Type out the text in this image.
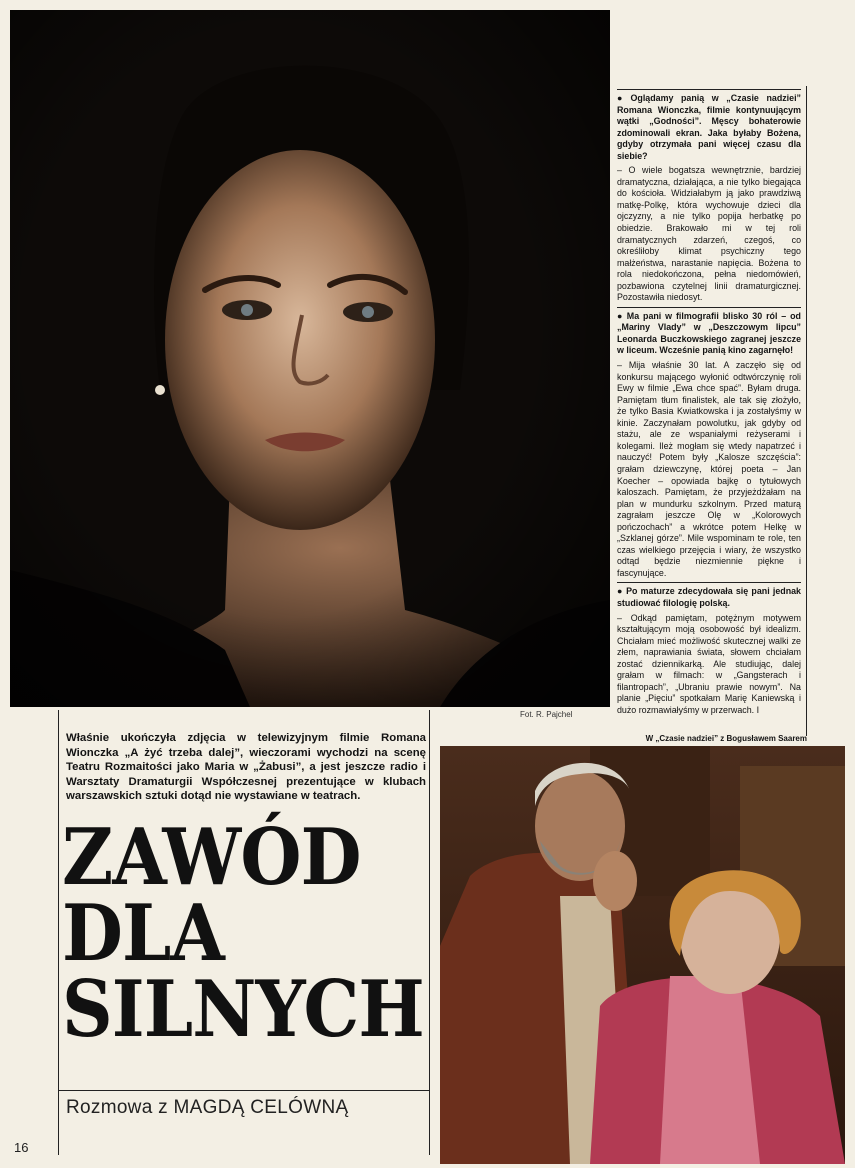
Fot. R. Pajchel

● Oglądamy panią w „Czasie nadziei” Romana Wionczka, filmie kontynuującym wątki „Godności”. Męscy bohaterowie zdominowali ekran. Jaka byłaby Bożena, gdyby otrzymała pani więcej czasu dla siebie?

– O wiele bogatsza wewnętrznie, bardziej dramatyczna, działająca, a nie tylko biegająca do kościoła. Widziałabym ją jako prawdziwą matkę-Polkę, która wychowuje dzieci dla ojczyzny, a nie tylko popija herbatkę po obiedzie. Brakowało mi w tej roli dramatycznych zdarzeń, czegoś, co określiłoby klimat psychiczny tego małżeństwa, narastanie napięcia. Bożena to rola niedokończona, pełna niedomówień, pozbawiona czytelnej linii dramaturgicznej. Pozostawiła niedosyt.

● Ma pani w filmografii blisko 30 ról – od „Mariny Vlady” w „Deszczowym lipcu” Leonarda Buczkowskiego zagranej jeszcze w liceum. Wcześnie panią kino zagarnęło!

– Mija właśnie 30 lat. A zaczęło się od konkursu mającego wyłonić odtwórczynię roli Ewy w filmie „Ewa chce spać”. Byłam druga. Pamiętam tłum finalistek, ale tak się złożyło, że tylko Basia Kwiatkowska i ja zostałyśmy w kinie. Zaczynałam powolutku, jak gdyby od stażu, ale ze wspaniałymi reżyserami i kolegami. Ileż mogłam się wtedy napatrzeć i nauczyć! Potem były „Kalosze szczęścia”: grałam dziewczynę, której poeta – Jan Koecher – opowiada bajkę o tytułowych kaloszach. Pamiętam, że przyjeżdżałam na plan w mundurku szkolnym. Przed maturą zagrałam jeszcze Olę w „Kolorowych pończochach” a wkrótce potem Helkę w „Szklanej górze”. Mile wspominam te role, ten czas wielkiego przejęcia i wiary, że wszystko odtąd będzie niezmiennie piękne i fascynujące.

● Po maturze zdecydowała się pani jednak studiować filologię polską.

– Odkąd pamiętam, potężnym motywem kształtującym moją osobowość był idealizm. Chciałam mieć możliwość skutecznej walki ze złem, naprawiania świata, słowem chciałam zostać dziennikarką. Ale studiując, dalej grałam w filmach: w „Gangsterach i filantropach”, „Ubraniu prawie nowym”. Na planie „Pięciu” spotkałam Marię Kaniewską i dużo rozmawiałyśmy w przerwach. I

W „Czasie nadziei” z Bogusławem Saarem
Właśnie ukończyła zdjęcia w telewizyjnym filmie Romana Wionczka „A żyć trzeba dalej”, wieczorami wychodzi na scenę Teatru Rozmaitości jako Maria w „Żabusi”, a jest jeszcze radio i Warsztaty Dramaturgii Współczesnej prezentujące w klubach warszawskich sztuki dotąd nie wystawiane w teatrach.
ZAWÓD
DLA
SILNYCH
Rozmowa z MAGDĄ CELÓWNĄ
16
